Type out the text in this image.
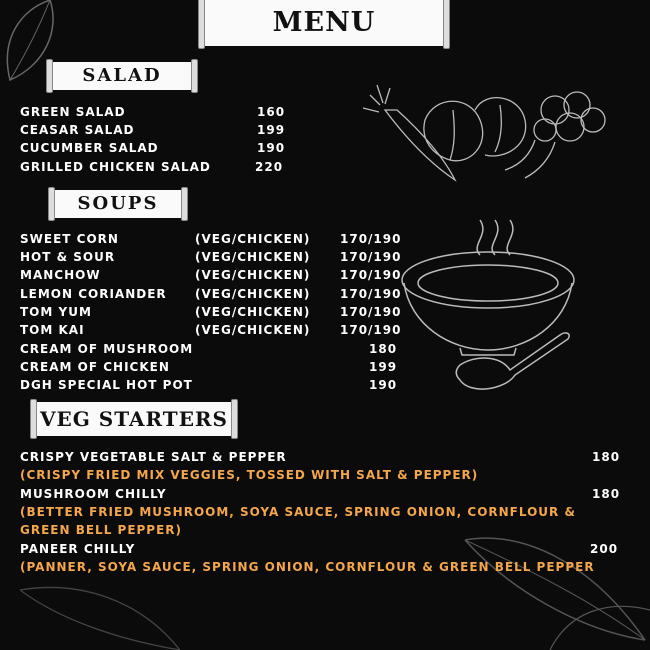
MENU
SALAD
GREEN SALAD	160
CEASAR SALAD	199
CUCUMBER SALAD	190
GRILLED CHICKEN SALAD	220
SOUPS
SWEET CORN	(VEG/CHICKEN) 170/190
HOT & SOUR	(VEG/CHICKEN) 170/190
MANCHOW	(VEG/CHICKEN) 170/190
LEMON CORIANDER (VEG/CHICKEN) 170/190
TOM YUM	(VEG/CHICKEN) 170/190
TOM KAI	(VEG/CHICKEN) 170/190
CREAM OF MUSHROOM	180
CREAM OF CHICKEN	199
DGH SPECIAL HOT POT	190
VEG STARTERS
CRISPY VEGETABLE SALT & PEPPER	180
(CRISPY FRIED MIX VEGGIES, TOSSED WITH SALT & PEPPER)
MUSHROOM CHILLY	180
(BETTER FRIED MUSHROOM, SOYA SAUCE, SPRING ONION, CORNFLOUR &
GREEN BELL PEPPER)
PANEER CHILLY	200
(PANNER, SOYA SAUCE, SPRING ONION, CORNFLOUR & GREEN BELL PEPPER
